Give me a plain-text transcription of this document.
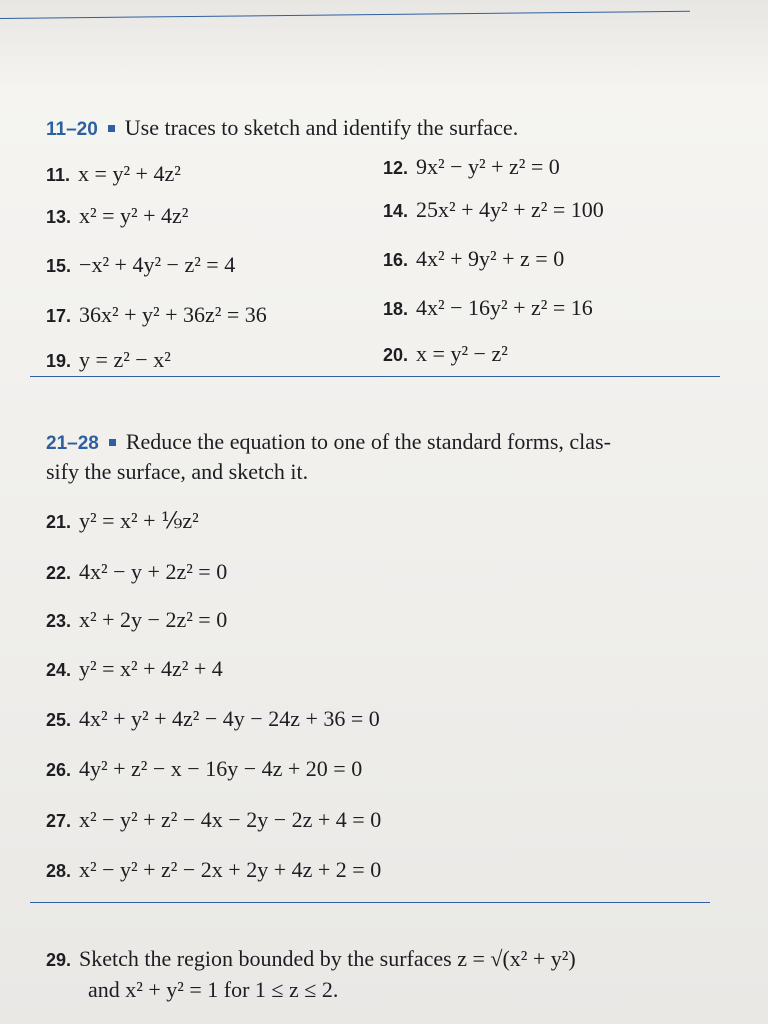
11–20 Use traces to sketch and identify the surface.
11. x = y² + 4z²	12. 9x² − y² + z² = 0
13. x² = y² + 4z²	14. 25x² + 4y² + z² = 100
15. −x² + 4y² − z² = 4	16. 4x² + 9y² + z = 0
17. 36x² + y² + 36z² = 36	18. 4x² − 16y² + z² = 16
19. y = z² − x²	20. x = y² − z²
21–28 Reduce the equation to one of the standard forms, clas-
sify the surface, and sketch it.
21. y² = x² + ⅑z²
22. 4x² − y + 2z² = 0
23. x² + 2y − 2z² = 0
24. y² = x² + 4z² + 4
25. 4x² + y² + 4z² − 4y − 24z + 36 = 0
26. 4y² + z² − x − 16y − 4z + 20 = 0
27. x² − y² + z² − 4x − 2y − 2z + 4 = 0
28. x² − y² + z² − 2x + 2y + 4z + 2 = 0
29. Sketch the region bounded by the surfaces z = √(x² + y²)
and x² + y² = 1 for 1 ≤ z ≤ 2.
